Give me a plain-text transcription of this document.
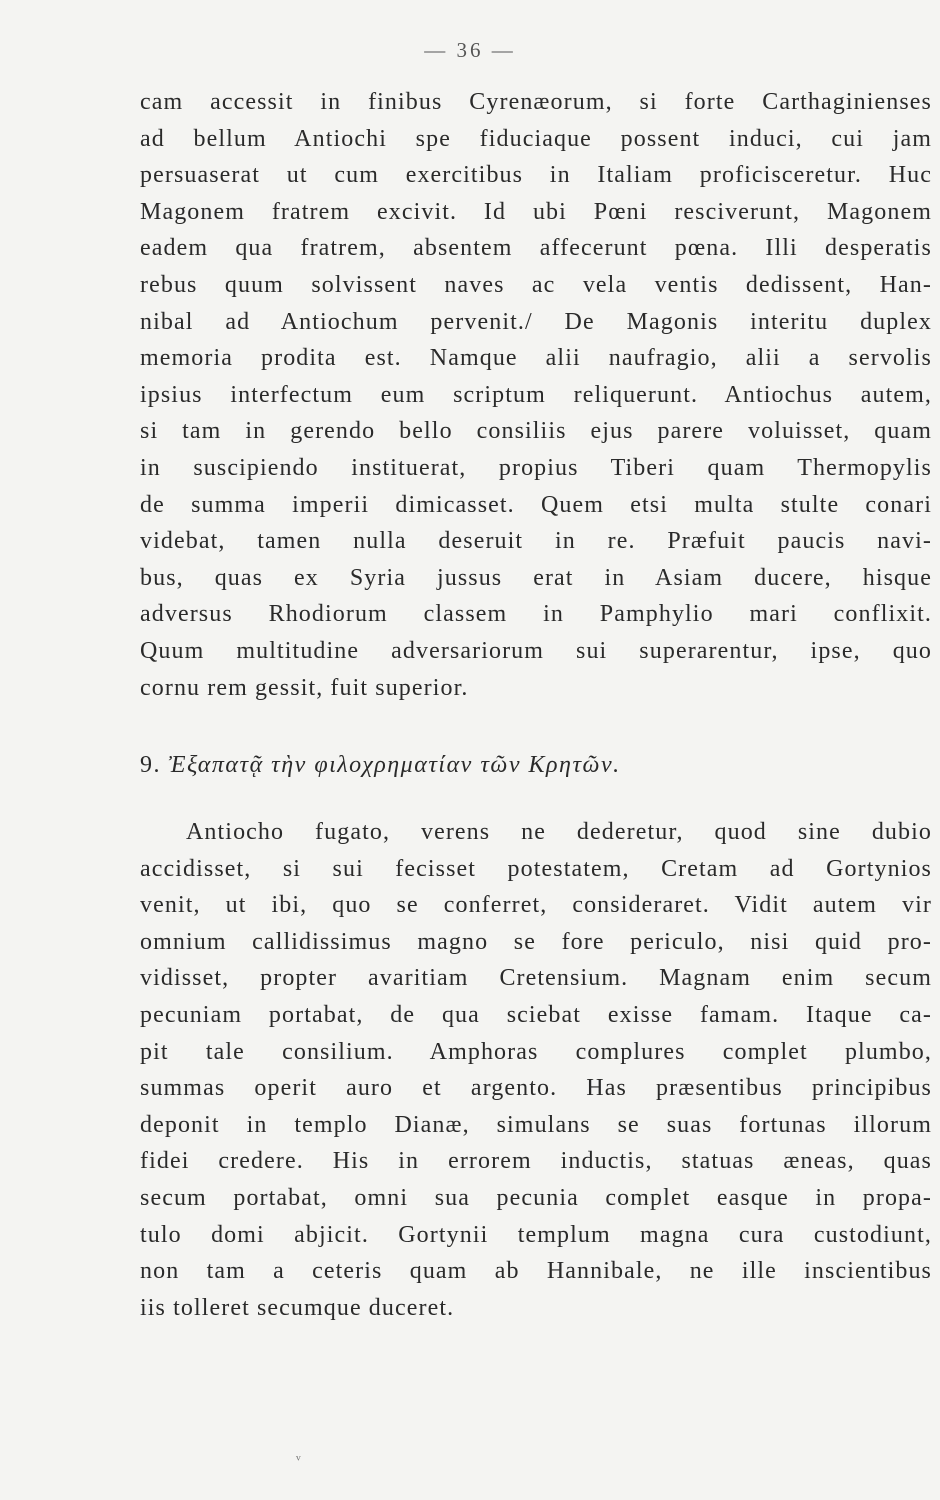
— 36 —
cam accessit in finibus Cyrenæorum, si forte Carthaginienses
ad bellum Antiochi spe fiduciaque possent induci, cui jam
persuaserat ut cum exercitibus in Italiam proficisceretur. Huc
Magonem fratrem excivit. Id ubi Pœni resciverunt, Magonem
eadem qua fratrem, absentem affecerunt pœna. Illi desperatis
rebus quum solvissent naves ac vela ventis dedissent, Han-
nibal ad Antiochum pervenit./ De Magonis interitu duplex
memoria prodita est. Namque alii naufragio, alii a servolis
ipsius interfectum eum scriptum reliquerunt. Antiochus autem,
si tam in gerendo bello consiliis ejus parere voluisset, quam
in suscipiendo instituerat, propius Tiberi quam Thermopylis
de summa imperii dimicasset. Quem etsi multa stulte conari
videbat, tamen nulla deseruit in re. Præfuit paucis navi-
bus, quas ex Syria jussus erat in Asiam ducere, hisque
adversus Rhodiorum classem in Pamphylio mari conflixit.
Quum multitudine adversariorum sui superarentur, ipse, quo
cornu rem gessit, fuit superior.
9. Ἐξαπατᾷ τὴν φιλοχρηματίαν τῶν Κρητῶν.
Antiocho fugato, verens ne dederetur, quod sine dubio
accidisset, si sui fecisset potestatem, Cretam ad Gortynios
venit, ut ibi, quo se conferret, consideraret. Vidit autem vir
omnium callidissimus magno se fore periculo, nisi quid pro-
vidisset, propter avaritiam Cretensium. Magnam enim secum
pecuniam portabat, de qua sciebat exisse famam. Itaque ca-
pit tale consilium. Amphoras complures complet plumbo,
summas operit auro et argento. Has præsentibus principibus
deponit in templo Dianæ, simulans se suas fortunas illorum
fidei credere. His in errorem inductis, statuas æneas, quas
secum portabat, omni sua pecunia complet easque in propa-
tulo domi abjicit. Gortynii templum magna cura custodiunt,
non tam a ceteris quam ab Hannibale, ne ille inscientibus
iis tolleret secumque duceret.
ᵛ
